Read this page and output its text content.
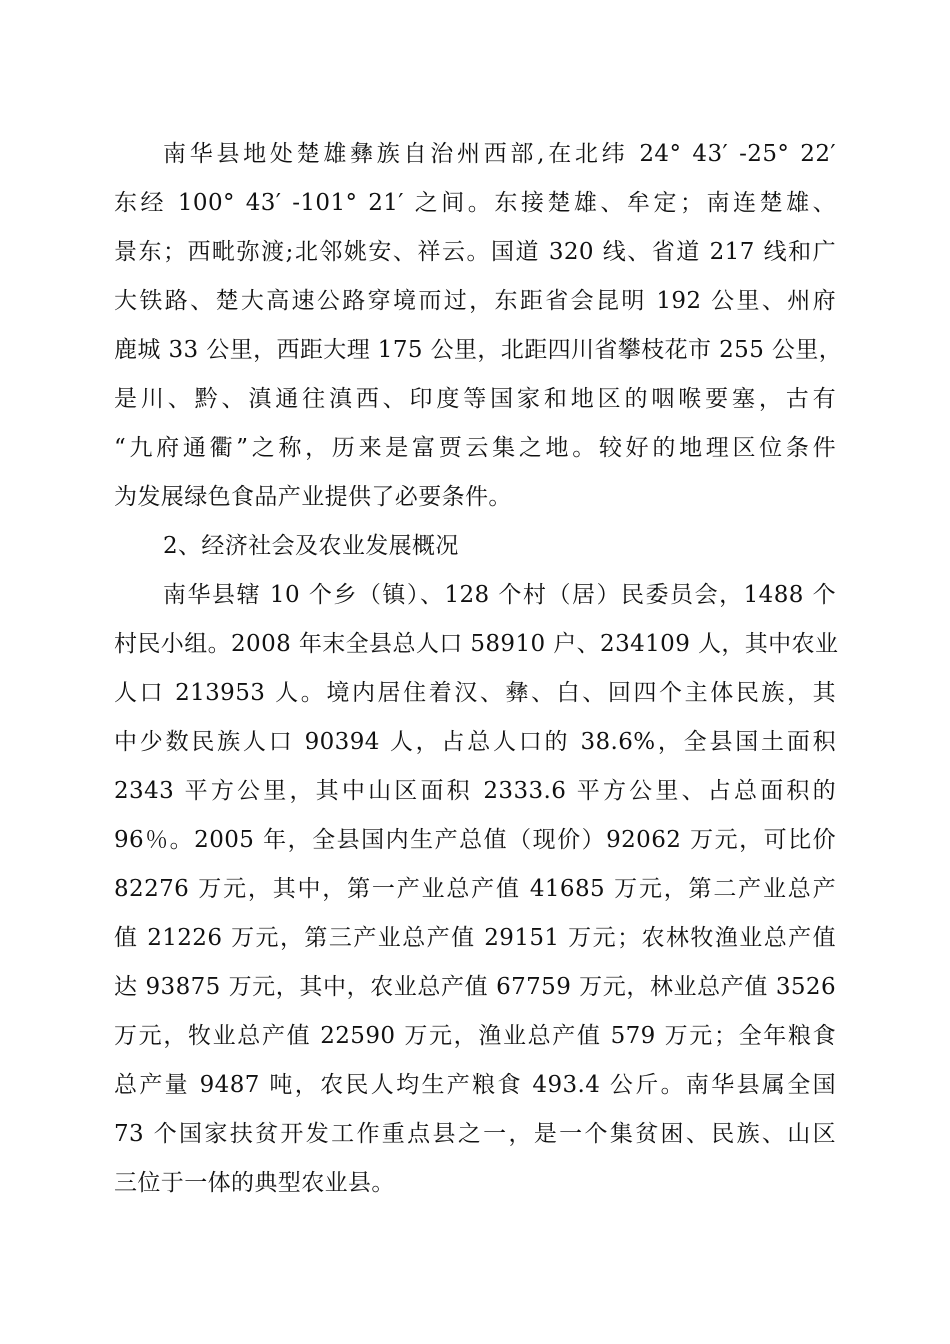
南华县地处楚雄彝族自治州西部,在北纬 24° 43′ -25° 22′
东经 100° 43′ -101° 21′ 之间。东接楚雄、牟定；南连楚雄、
景东；西毗弥渡;北邻姚安、祥云。国道 320 线、省道 217 线和广
大铁路、楚大高速公路穿境而过，东距省会昆明 192 公里、州府
鹿城 33 公里，西距大理 175 公里，北距四川省攀枝花市 255 公里，
是川、黔、滇通往滇西、印度等国家和地区的咽喉要塞，古有
“九府通衢”之称，历来是富贾云集之地。较好的地理区位条件
为发展绿色食品产业提供了必要条件。
2、经济社会及农业发展概况
南华县辖 10 个乡（镇）、128 个村（居）民委员会，1488 个
村民小组。2008 年末全县总人口 58910 户、234109 人，其中农业
人口 213953 人。境内居住着汉、彝、白、回四个主体民族，其
中少数民族人口 90394 人，占总人口的 38.6%，全县国土面积
2343 平方公里，其中山区面积 2333.6 平方公里、占总面积的
96％。2005 年，全县国内生产总值（现价）92062 万元，可比价
82276 万元，其中，第一产业总产值 41685 万元，第二产业总产
值 21226 万元，第三产业总产值 29151 万元；农林牧渔业总产值
达 93875 万元，其中，农业总产值 67759 万元，林业总产值 3526
万元，牧业总产值 22590 万元，渔业总产值 579 万元；全年粮食
总产量 9487 吨，农民人均生产粮食 493.4 公斤。南华县属全国
73 个国家扶贫开发工作重点县之一，是一个集贫困、民族、山区
三位于一体的典型农业县。
